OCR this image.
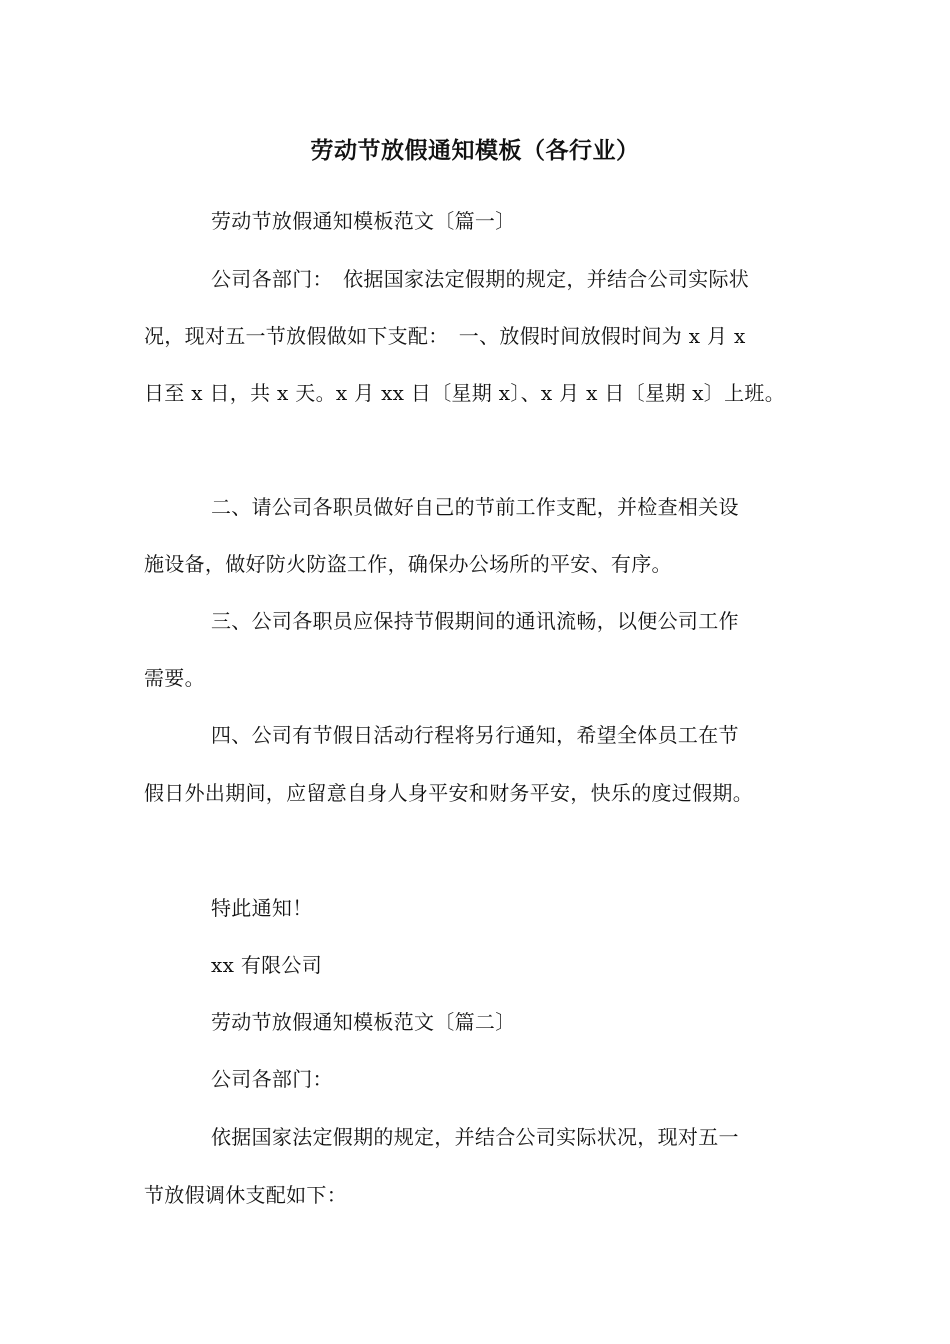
劳动节放假通知模板（各行业）
劳动节放假通知模板范文〔篇一〕
公司各部门：　依据国家法定假期的规定，并结合公司实际状
况，现对五一节放假做如下支配：　一、放假时间放假时间为 x 月 x
日至 x 日，共 x 天。x 月 xx 日〔星期 x〕、x 月 x 日〔星期 x〕上班。
二、请公司各职员做好自己的节前工作支配，并检查相关设
施设备，做好防火防盗工作，确保办公场所的平安、有序。
三、公司各职员应保持节假期间的通讯流畅，以便公司工作
需要。
四、公司有节假日活动行程将另行通知，希望全体员工在节
假日外出期间，应留意自身人身平安和财务平安，快乐的度过假期。
特此通知！
xx 有限公司
劳动节放假通知模板范文〔篇二〕
公司各部门：
依据国家法定假期的规定，并结合公司实际状况，现对五一
节放假调休支配如下：
